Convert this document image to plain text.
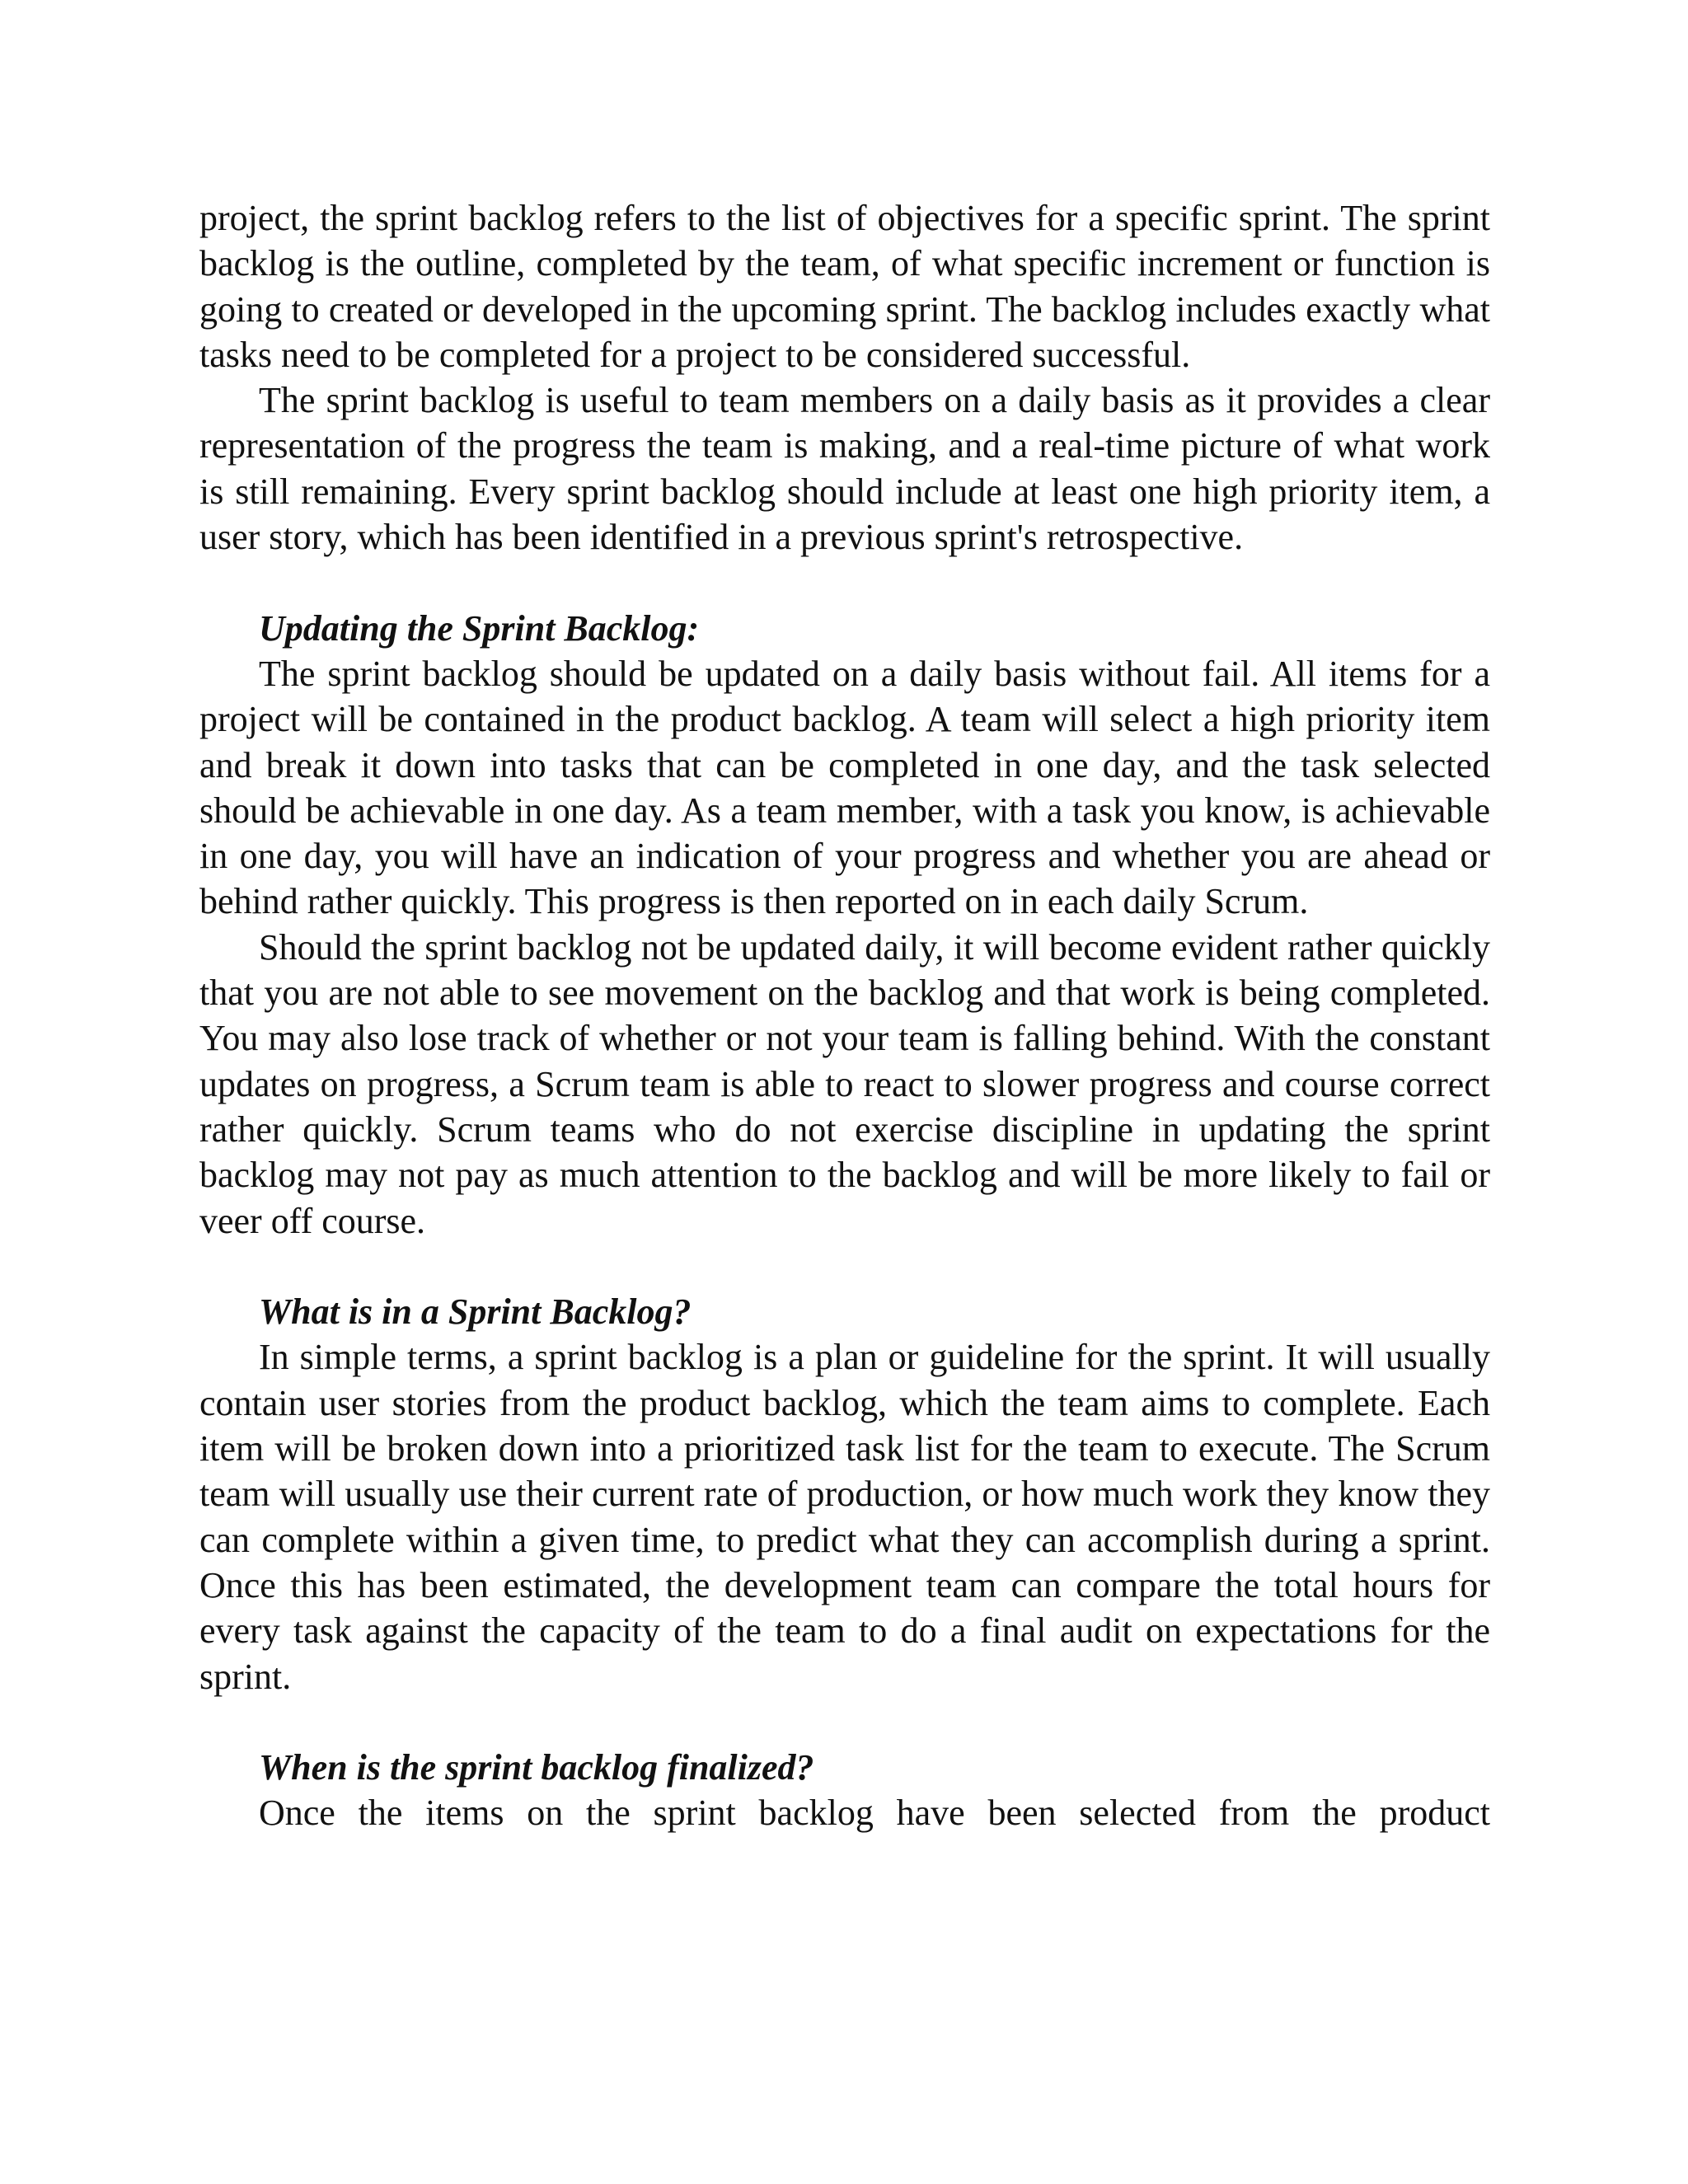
project, the sprint backlog refers to the list of objectives for a specific sprint. The sprint backlog is the outline, completed by the team, of what specific increment or function is going to created or developed in the upcoming sprint. The backlog includes exactly what tasks need to be completed for a project to be considered successful.

The sprint backlog is useful to team members on a daily basis as it provides a clear representation of the progress the team is making, and a real-time picture of what work is still remaining. Every sprint backlog should include at least one high priority item, a user story, which has been identified in a previous sprint's retrospective.

Updating the Sprint Backlog:

The sprint backlog should be updated on a daily basis without fail. All items for a project will be contained in the product backlog. A team will select a high priority item and break it down into tasks that can be completed in one day, and the task selected should be achievable in one day. As a team member, with a task you know, is achievable in one day, you will have an indication of your progress and whether you are ahead or behind rather quickly. This progress is then reported on in each daily Scrum.

Should the sprint backlog not be updated daily, it will become evident rather quickly that you are not able to see movement on the backlog and that work is being completed. You may also lose track of whether or not your team is falling behind. With the constant updates on progress, a Scrum team is able to react to slower progress and course correct rather quickly. Scrum teams who do not exercise discipline in updating the sprint backlog may not pay as much attention to the backlog and will be more likely to fail or veer off course.

What is in a Sprint Backlog?

In simple terms, a sprint backlog is a plan or guideline for the sprint. It will usually contain user stories from the product backlog, which the team aims to complete. Each item will be broken down into a prioritized task list for the team to execute. The Scrum team will usually use their current rate of production, or how much work they know they can complete within a given time, to predict what they can accomplish during a sprint. Once this has been estimated, the development team can compare the total hours for every task against the capacity of the team to do a final audit on expectations for the sprint.

When is the sprint backlog finalized?

Once the items on the sprint backlog have been selected from the product
